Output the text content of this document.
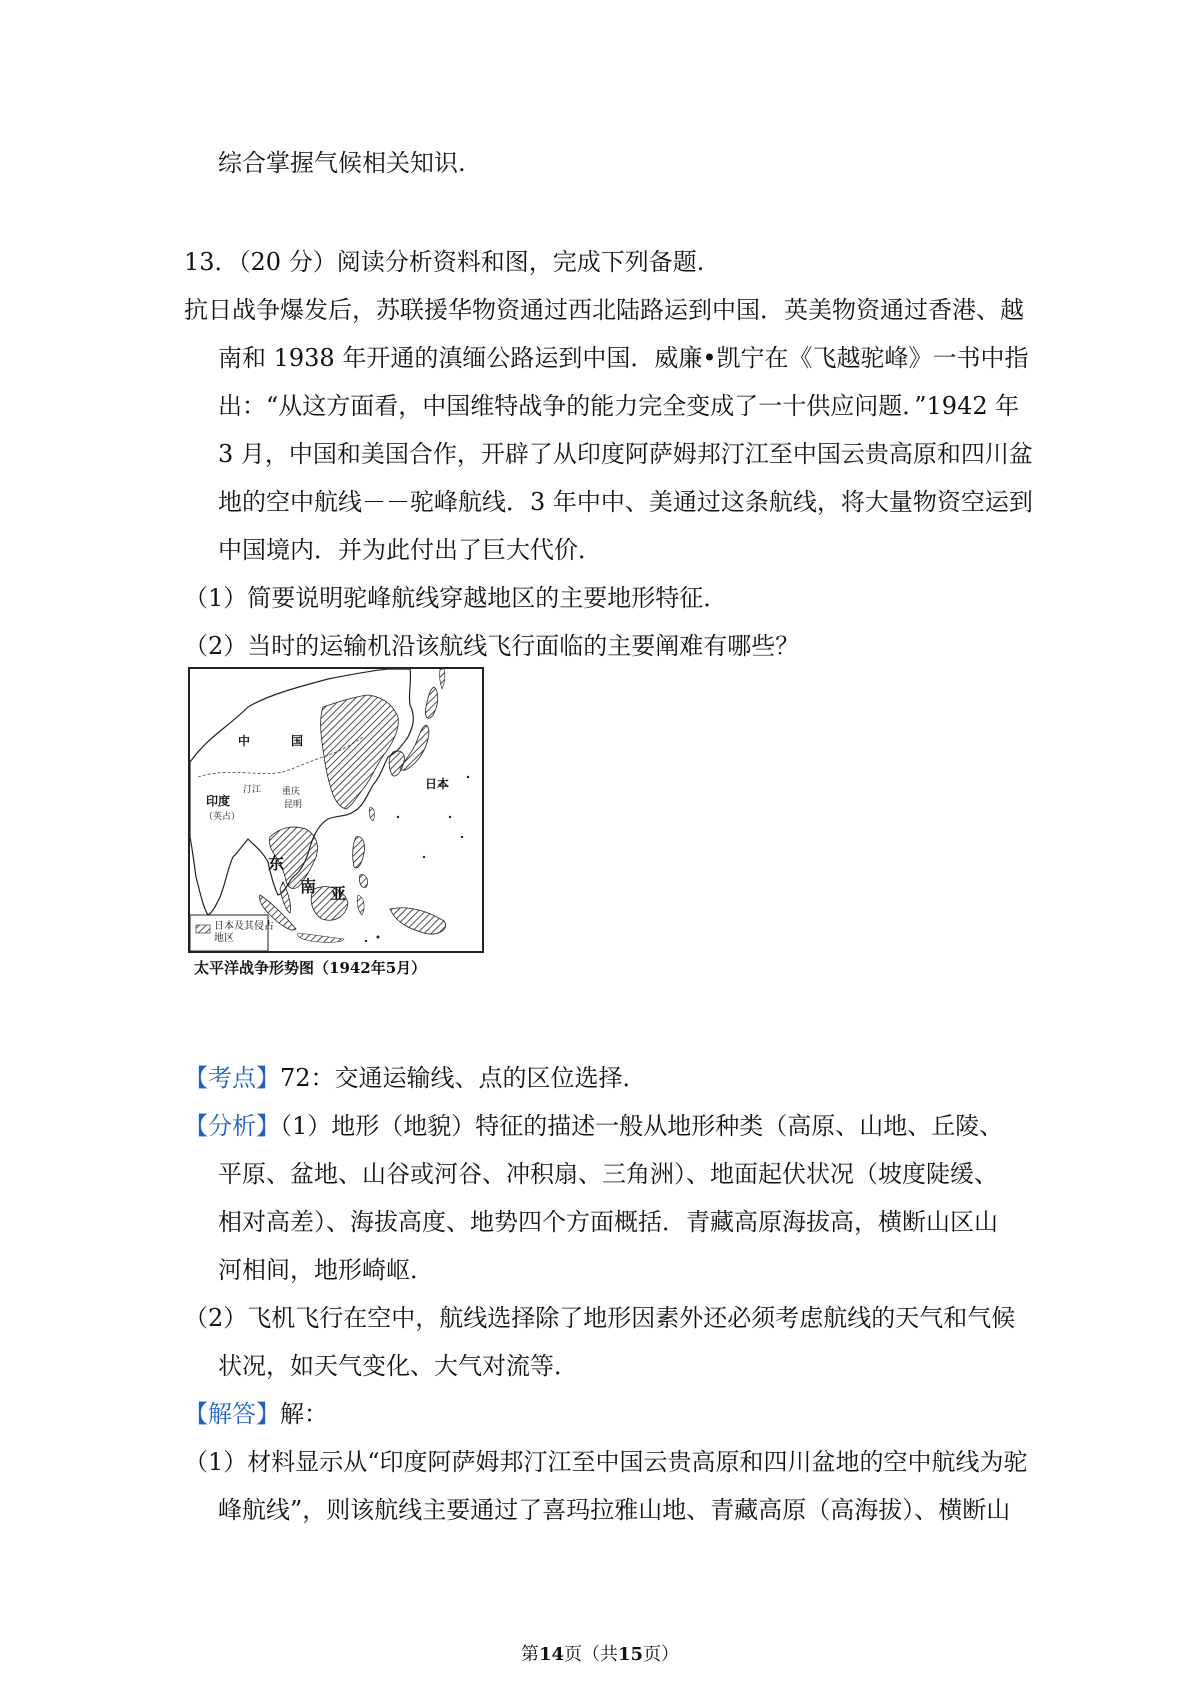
综合掌握气候相关知识.
13．（20 分）阅读分析资料和图，完成下列备题.
抗日战争爆发后，苏联援华物资通过西北陆路运到中国．英美物资通过香港、越
南和 1938 年开通的滇缅公路运到中国．威廉•凯宁在《飞越驼峰》一书中指
出：“从这方面看，中国维特战争的能力完全变成了一十供应问题．”1942 年
3 月，中国和美国合作，开辟了从印度阿萨姆邦汀江至中国云贵高原和四川盆
地的空中航线－－驼峰航线．3 年中中、美通过这条航线，将大量物资空运到
中国境内．并为此付出了巨大代价．
（1）简要说明驼峰航线穿越地区的主要地形特征．
（2）当时的运输机沿该航线飞行面临的主要阐难有哪些？
中	国
日本
印度
（英占）
汀江 重庆
昆明
东
南 亚
日本及其侵占地区
太平洋战争形势图（1942年5月）
【考点】72：交通运输线、点的区位选择．
【分析】（1）地形（地貌）特征的描述一般从地形种类（高原、山地、丘陵、
平原、盆地、山谷或河谷、冲积扇、三角洲）、地面起伏状况（坡度陡缓、
相对高差）、海拔高度、地势四个方面概括．青藏高原海拔高，横断山区山
河相间，地形崎岖．
（2）飞机飞行在空中，航线选择除了地形因素外还必须考虑航线的天气和气候
状况，如天气变化、大气对流等．
【解答】解：
（1）材料显示从“印度阿萨姆邦汀江至中国云贵高原和四川盆地的空中航线为驼
峰航线”，则该航线主要通过了喜玛拉雅山地、青藏高原（高海拔）、横断山
第14页（共15页）
